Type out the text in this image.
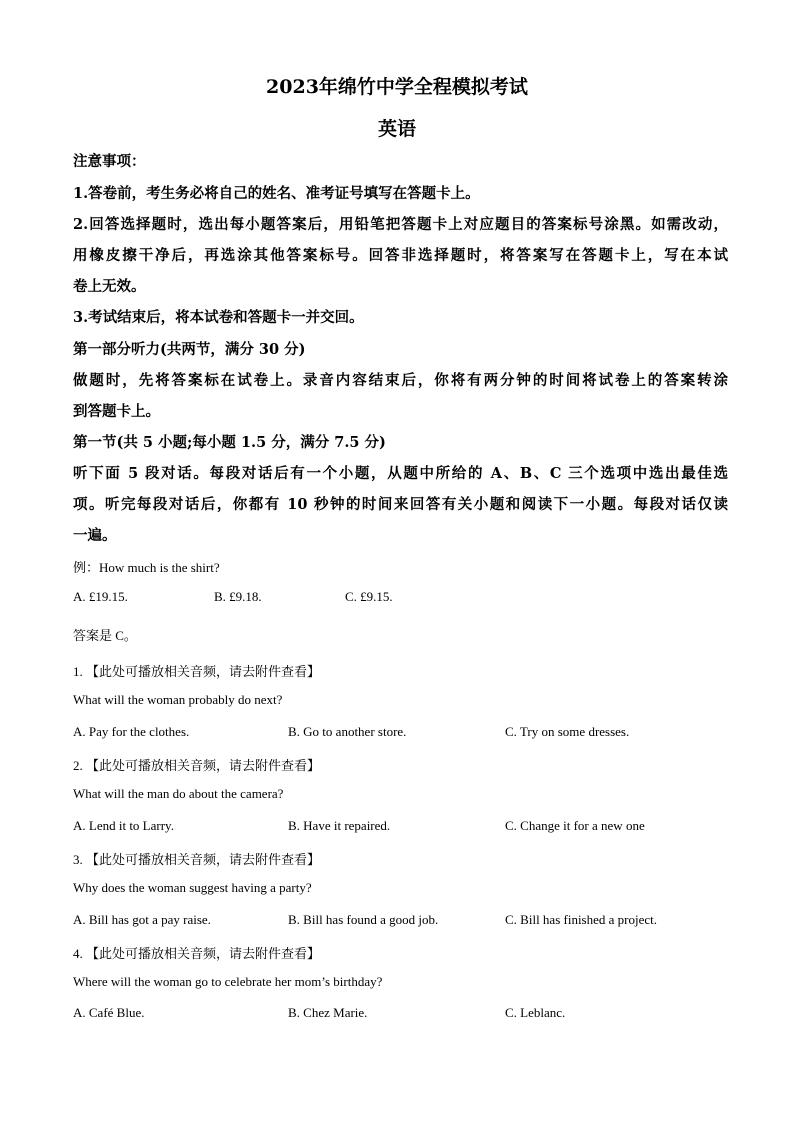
2023年绵竹中学全程模拟考试
英语
注意事项：
1.答卷前，考生务必将自己的姓名、准考证号填写在答题卡上。
2.回答选择题时，选出每小题答案后，用铅笔把答题卡上对应题目的答案标号涂黑。如需改动，
用橡皮擦干净后，再选涂其他答案标号。回答非选择题时，将答案写在答题卡上，写在本试
卷上无效。
3.考试结束后，将本试卷和答题卡一并交回。
第一部分听力(共两节，满分 30 分)
做题时，先将答案标在试卷上。录音内容结束后，你将有两分钟的时间将试卷上的答案转涂
到答题卡上。
第一节(共 5 小题;每小题 1.5 分，满分 7.5 分)
听下面 5 段对话。每段对话后有一个小题，从题中所给的 A、B、C 三个选项中选出最佳选
项。听完每段对话后，你都有 10 秒钟的时间来回答有关小题和阅读下一小题。每段对话仅读
一遍。
例：How much is the shirt?
A. £19.15.	B. £9.18.	C. £9.15.
答案是 C。
1. 【此处可播放相关音频，请去附件查看】
What will the woman probably do next?
A. Pay for the clothes.	B. Go to another store.	C. Try on some dresses.
2. 【此处可播放相关音频，请去附件查看】
What will the man do about the camera?
A. Lend it to Larry.	B. Have it repaired.	C. Change it for a new one
3. 【此处可播放相关音频，请去附件查看】
Why does the woman suggest having a party?
A. Bill has got a pay raise.	B. Bill has found a good job.	C. Bill has finished a project.
4. 【此处可播放相关音频，请去附件查看】
Where will the woman go to celebrate her mom’s birthday?
A. Café Blue.	B. Chez Marie.	C. Leblanc.
